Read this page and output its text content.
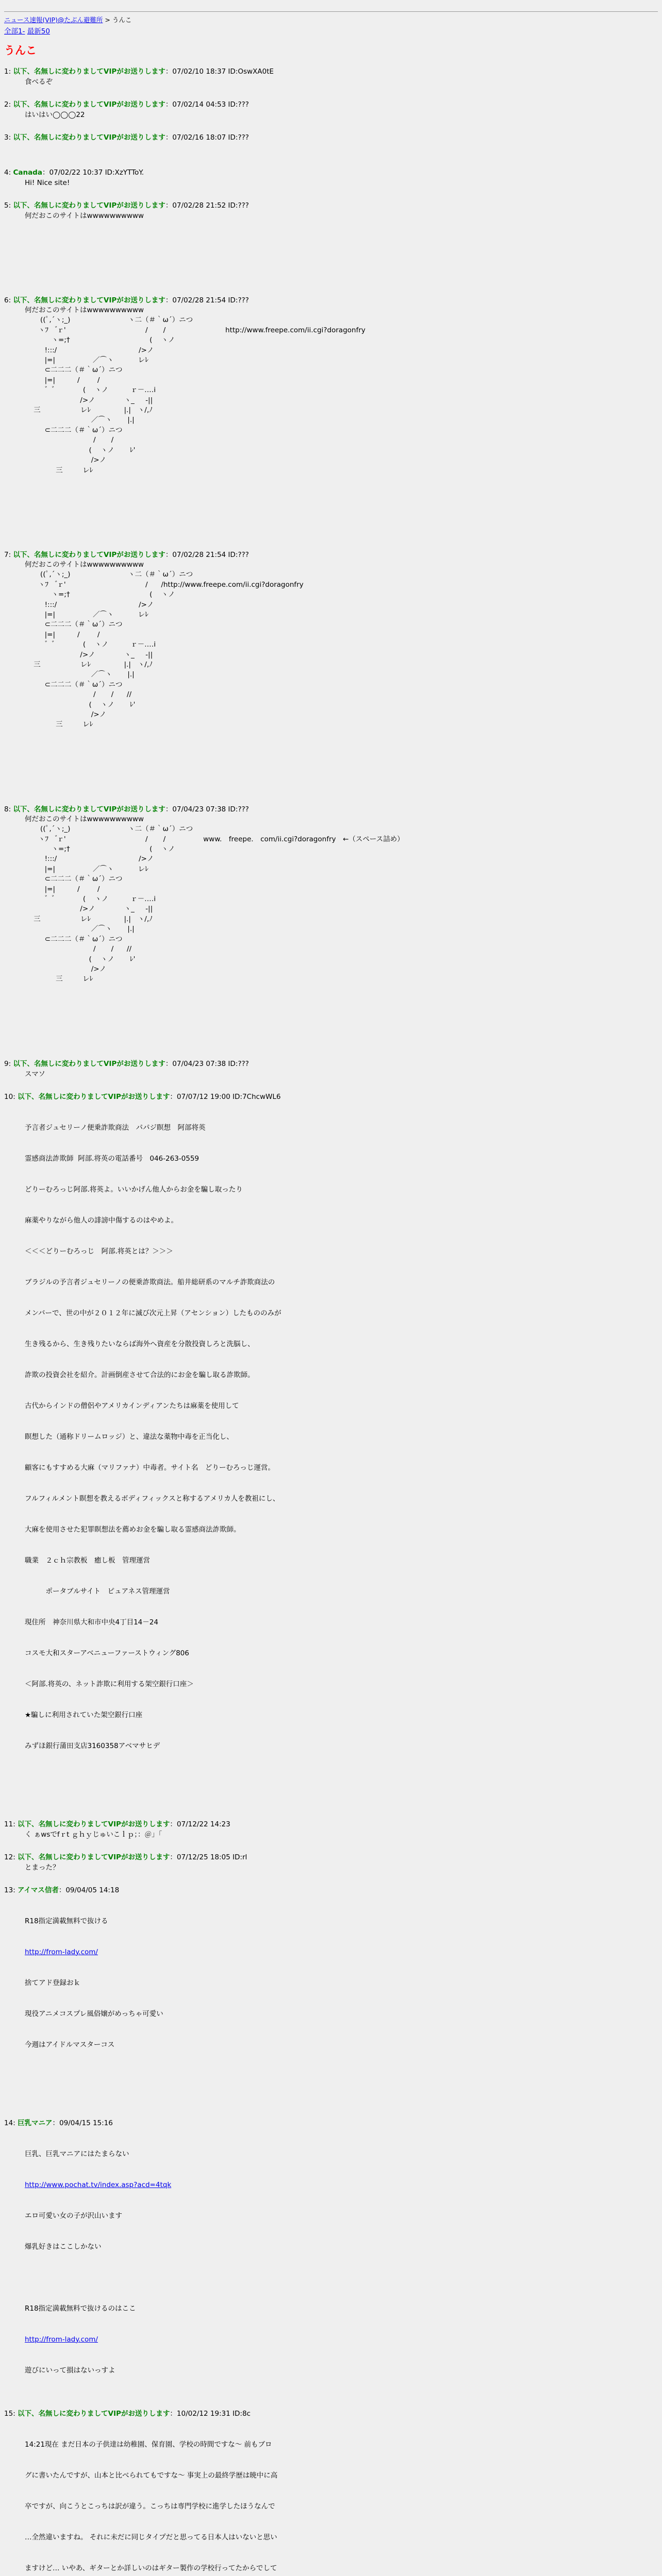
ニュース速報(VIP)@たぶん避難所 > うんこ
全部1- 最新50
うんこ
1: 以下、名無しに変わりましてVIPがお送りします：07/02/10 18:37 ID:OswXA0tE
食べるぞ
2: 以下、名無しに変わりましてVIPがお送りします：07/02/14 04:53 ID:???
はいはい◯◯◯22
3: 以下、名無しに変わりましてVIPがお送りします：07/02/16 18:07 ID:???
4: Canada：07/02/22 10:37 ID:XzYTToY.
Hi! Nice site!
5: 以下、名無しに変わりましてVIPがお送りします：07/02/28 21:52 ID:???
何だおこのサイトはwwwwwwwwww
6: 以下、名無しに変わりましてVIPがお送りします：07/02/28 21:54 ID:???
何だおこのサイトはwwwwwwwwww
((ﾟ,´ヽ;_)                          ヽ二（＃｀ω´）ニつ
ヽﾌ    ゙ｒ'                                    /       /                           http://www.freepe.com/ii.cgi?doragonfry
ヽ=;†                                    (    ヽノ
!:::/                                     />ノ
|=|                 ／⌒ヽ           レﾚ
⊂二二二（＃｀ω´）ニつ
|=|          /        /
゛゛           (    ヽノ          ｒ－‥‥i
/>ノ             ヽ_     -||
三                  レﾚ               |.|   ヽ/,ﾉ
／⌒ヽ       |.|
⊂二二二（＃｀ω´）ニつ
/       /
(    ヽノ       ﾚ'
/>ノ
三         レﾚ
7: 以下、名無しに変わりましてVIPがお送りします：07/02/28 21:54 ID:???
何だおこのサイトはwwwwwwwwww
((ﾟ,´ヽ;_)                          ヽ二（＃｀ω´）ニつ
ヽﾌ    ゙ｒ'                                    /      /http://www.freepe.com/ii.cgi?doragonfry
ヽ=;†                                    (    ヽノ
!:::/                                     />ノ
|=|                 ／⌒ヽ           レﾚ
⊂二二二（＃｀ω´）ニつ
|=|          /        /
゛゛           (    ヽノ          ｒ－‥‥i
/>ノ             ヽ_     -||
三                  レﾚ               |.|   ヽ/,ﾉ
／⌒ヽ       |.|
⊂二二二（＃｀ω´）ニつ
/       /      //
(    ヽノ       ﾚ'
/>ノ
三         レﾚ
8: 以下、名無しに変わりましてVIPがお送りします：07/04/23 07:38 ID:???
何だおこのサイトはwwwwwwwwww
((ﾟ,´ヽ;_)                          ヽ二（＃｀ω´）ニつ
ヽﾌ    ゙ｒ'                                    /       /                 www.　freepe.　com/ii.cgi?doragonfry　←（スペース詰め）
ヽ=;†                                    (    ヽノ
!:::/                                     />ノ
|=|                 ／⌒ヽ           レﾚ
⊂二二二（＃｀ω´）ニつ
|=|          /        /
゛゛           (    ヽノ          ｒ－‥‥i
/>ノ             ヽ_     -||
三                  レﾚ               |.|   ヽ/,ﾉ
／⌒ヽ       |.|
⊂二二二（＃｀ω´）ニつ
/       /      //
(    ヽノ       ﾚ'
/>ノ
三         レﾚ
9: 以下、名無しに変わりましてVIPがお送りします：07/04/23 07:38 ID:???
スマソ
10: 以下、名無しに変わりましてVIPがお送りします：07/07/12 19:00 ID:7ChcwWL6

予言者ジュセリーノ便乗詐欺商法　パパジ瞑想　阿部将英

霊感商法詐欺師  阿部.将英の電話番号　046-263-0559

どりーむろっじ阿部.将英よ。いいかげん他人からお金を騙し取ったり

麻薬やりながら他人の誹謗中傷するのはやめよ。

＜＜＜どりーむろっじ　阿部.将英とは？＞＞＞

ブラジルの予言者ジュセリーノの便乗詐欺商法。船井総研系のマルチ詐欺商法の

メンバーで、世の中が２０１２年に滅び次元上昇（アセンション）したもののみが

生き残るから、生き残りたいならば海外へ資産を分散投資しろと洗脳し、

詐欺の投資会社を紹介。計画倒産させて合法的にお金を騙し取る詐欺師。

古代からインドの僧侶やアメリカインディアンたちは麻薬を使用して

瞑想した（通称ドリームロッジ）と、違法な薬物中毒を正当化し、

顧客にもすすめる大麻（マリファナ）中毒者。サイト名　どりーむろっじ運営。

フルフィルメント瞑想を教えるボディフィックスと称するアメリカ人を教祖にし、

大麻を使用させた犯罪瞑想法を薦めお金を騙し取る霊感商法詐欺師。

職業　２ｃｈ宗教板　癒し板　管理運営

　　　ポータブルサイト　ピュアネス管理運営

現住所　神奈川県大和市中央4丁目14－24

コスモ大和スターアベニューファーストウィング806

＜阿部.将英の、ネット詐欺に利用する架空銀行口座＞

★騙しに利用されていた架空銀行口座

みずほ銀行蒲田支店3160358アベマサヒデ

11: 以下、名無しに変わりましてVIPがお送りします：07/12/22 14:23
く ぁwsでfｒt ｇｈｙじゅいこｌｐ；：＠」「
12: 以下、名無しに変わりましてVIPがお送りします：07/12/25 18:05 ID:rl
とまった？
13: アイマス信者：09/04/05 14:18

R18指定満載無料で抜ける

http://from-lady.com/

捨てアド登録おｋ

現役アニメコスプレ風俗嬢がめっちゃ可愛い

今週はアイドルマスターコス

14: 巨乳マニア：09/04/15 15:16

巨乳、巨乳マニアにはたまらない

http://www.pochat.tv/index.asp?acd=4tqk

エロ可愛い女の子が沢山います

爆乳好きはここしかない

R18指定満載無料で抜けるのはここ

http://from-lady.com/

遊びにいって損はないっすよ

15: 以下、名無しに変わりましてVIPがお送りします：10/02/12 19:31 ID:8c

14:21現在 まだ日本の子供達は幼稚園、保育園、学校の時間ですな～ 前もブロ

グに書いたんですが、山本と比べられてもですな～ 事実上の最終学歴は暁中に高

卒ですが、向こうとこっちは訳が違う。こっちは専門学校に進学したほうなんで

…全然違いますね。 それに未だに同じタイプだと思ってる日本人はいないと思い

ますけど… いやあ、ギターとか詳しいのはギター製作の学校行ってたからでして
